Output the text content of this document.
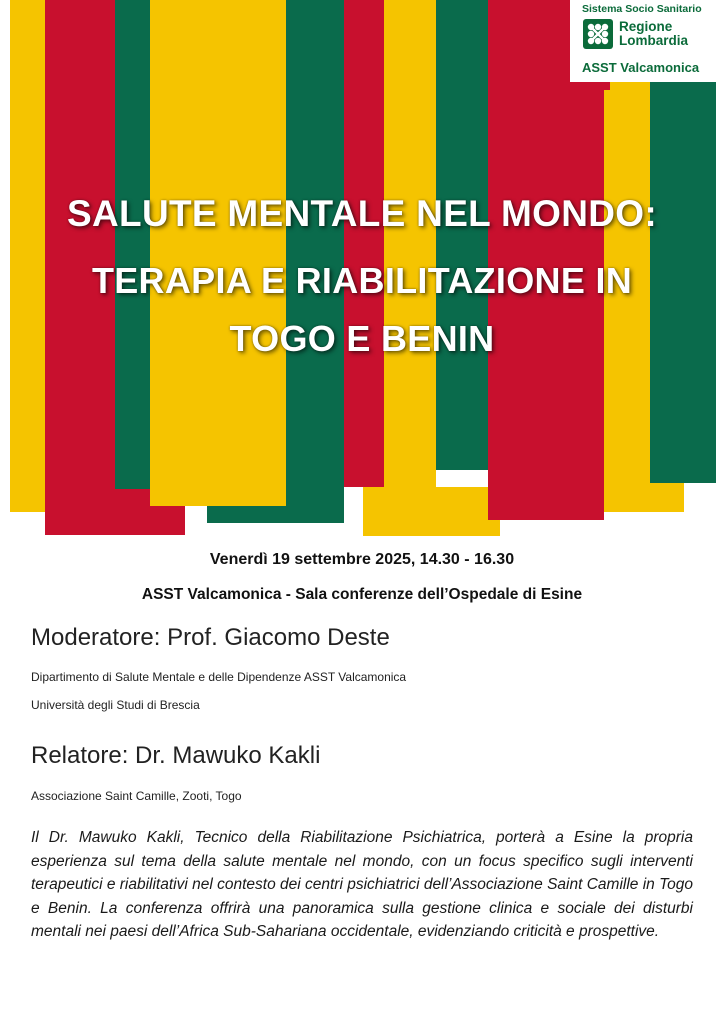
Sistema Socio Sanitario
Regione
Lombardia
ASST Valcamonica
SALUTE MENTALE NEL MONDO:
TERAPIA E RIABILITAZIONE IN
TOGO E BENIN
Venerdì 19 settembre 2025, 14.30 - 16.30
ASST Valcamonica - Sala conferenze dell’Ospedale di Esine
Moderatore: Prof. Giacomo Deste
Dipartimento di Salute Mentale e delle Dipendenze ASST Valcamonica
Università degli Studi di Brescia
Relatore: Dr. Mawuko Kakli
Associazione Saint Camille, Zooti, Togo

Il Dr. Mawuko Kakli, Tecnico della Riabilitazione Psichiatrica, porterà a Esine la propria esperienza sul tema della salute mentale nel mondo, con un focus specifico sugli interventi terapeutici e riabilitativi nel contesto dei centri psichiatrici dell’Associazione Saint Camille in Togo e Benin. La conferenza offrirà una panoramica sulla gestione clinica e sociale dei disturbi mentali nei paesi dell’Africa Sub-Sahariana occidentale, evidenziando criticità e prospettive.
